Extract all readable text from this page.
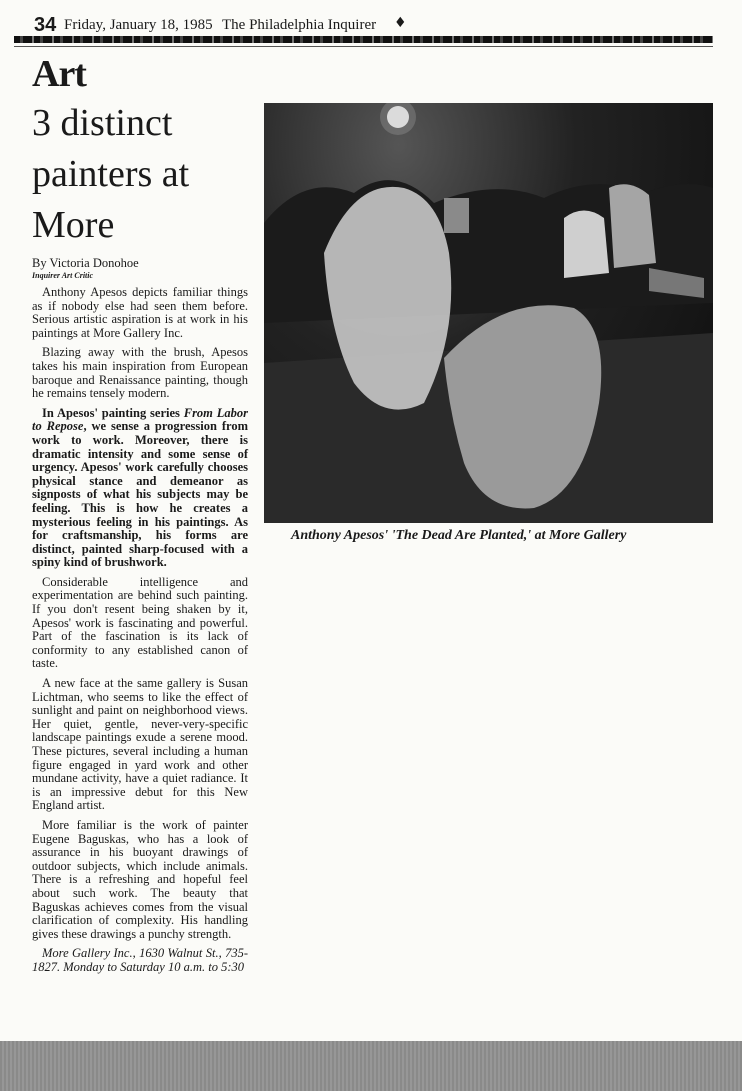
34 Friday, January 18, 1985 The Philadelphia Inquirer ♦
Art
3 distinct painters at More
By Victoria Donohoe
Inquirer Art Critic

Anthony Apesos depicts familiar things as if nobody else had seen them before. Serious artistic aspiration is at work in his paintings at More Gallery Inc.

Blazing away with the brush, Apesos takes his main inspiration from European baroque and Renaissance painting, though he remains tensely modern.

In Apesos' painting series From Labor to Repose, we sense a progression from work to work. Moreover, there is dramatic intensity and some sense of urgency. Apesos' work carefully chooses physical stance and demeanor as signposts of what his subjects may be feeling. This is how he creates a mysterious feeling in his paintings. As for craftsmanship, his forms are distinct, painted sharp-focused with a spiny kind of brushwork.

Considerable intelligence and experimentation are behind such painting. If you don't resent being shaken by it, Apesos' work is fascinating and powerful. Part of the fascination is its lack of conformity to any established canon of taste.

A new face at the same gallery is Susan Lichtman, who seems to like the effect of sunlight and paint on neighborhood views. Her quiet, gentle, never-very-specific landscape paintings exude a serene mood. These pictures, several including a human figure engaged in yard work and other mundane activity, have a quiet radiance. It is an impressive debut for this New England artist.

More familiar is the work of painter Eugene Baguskas, who has a look of assurance in his buoyant drawings of outdoor subjects, which include animals. There is a refreshing and hopeful feel about such work. The beauty that Baguskas achieves comes from the visual clarification of complexity. His handling gives these drawings a punchy strength.

More Gallery Inc., 1630 Walnut St., 735-1827. Monday to Saturday 10 a.m. to 5:30

Anthony Apesos' 'The Dead Are Planted,' at More Gallery
